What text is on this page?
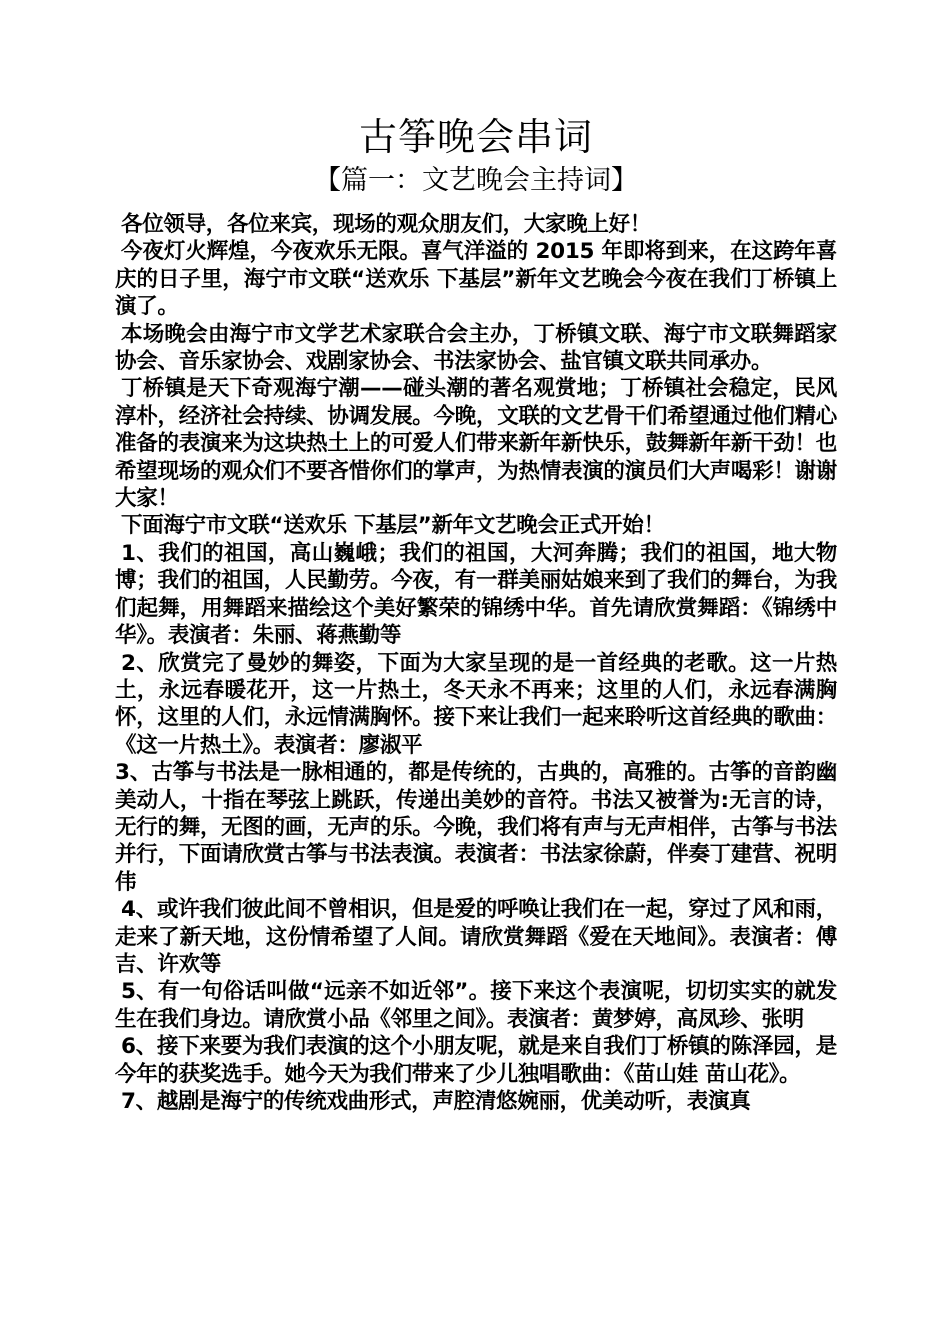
古筝晚会串词
【篇一：文艺晚会主持词】

各位领导，各位来宾，现场的观众朋友们，大家晚上好！

今夜灯火辉煌，今夜欢乐无限。喜气洋溢的 2015 年即将到来，在这跨年喜庆的日子里，海宁市文联“送欢乐 下基层”新年文艺晚会今夜在我们丁桥镇上演了。

本场晚会由海宁市文学艺术家联合会主办，丁桥镇文联、海宁市文联舞蹈家协会、音乐家协会、戏剧家协会、书法家协会、盐官镇文联共同承办。

丁桥镇是天下奇观海宁潮——碰头潮的著名观赏地；丁桥镇社会稳定，民风淳朴，经济社会持续、协调发展。今晚，文联的文艺骨干们希望通过他们精心准备的表演来为这块热土上的可爱人们带来新年新快乐，鼓舞新年新干劲！也希望现场的观众们不要吝惜你们的掌声，为热情表演的演员们大声喝彩！谢谢大家！

下面海宁市文联“送欢乐 下基层”新年文艺晚会正式开始！

1、我们的祖国，高山巍峨；我们的祖国，大河奔腾；我们的祖国，地大物博；我们的祖国，人民勤劳。今夜，有一群美丽姑娘来到了我们的舞台，为我们起舞，用舞蹈来描绘这个美好繁荣的锦绣中华。首先请欣赏舞蹈：《锦绣中华》。表演者：朱丽、蒋燕勤等

2、欣赏完了曼妙的舞姿，下面为大家呈现的是一首经典的老歌。这一片热土，永远春暖花开，这一片热土，冬天永不再来；这里的人们，永远春满胸怀，这里的人们，永远情满胸怀。接下来让我们一起来聆听这首经典的歌曲：《这一片热土》。表演者：廖淑平

3、古筝与书法是一脉相通的，都是传统的，古典的，高雅的。古筝的音韵幽美动人，十指在琴弦上跳跃，传递出美妙的音符。书法又被誉为:无言的诗，无行的舞，无图的画，无声的乐。今晚，我们将有声与无声相伴，古筝与书法并行，下面请欣赏古筝与书法表演。表演者：书法家徐蔚，伴奏丁建营、祝明伟

4、或许我们彼此间不曾相识，但是爱的呼唤让我们在一起，穿过了风和雨，走来了新天地，这份情希望了人间。请欣赏舞蹈《爱在天地间》。表演者：傅吉、许欢等

5、有一句俗话叫做“远亲不如近邻”。接下来这个表演呢，切切实实的就发生在我们身边。请欣赏小品《邻里之间》。表演者：黄梦婷，高凤珍、张明

6、接下来要为我们表演的这个小朋友呢，就是来自我们丁桥镇的陈泽园，是今年的获奖选手。她今天为我们带来了少儿独唱歌曲：《苗山娃 苗山花》。

7、越剧是海宁的传统戏曲形式，声腔清悠婉丽，优美动听，表演真
